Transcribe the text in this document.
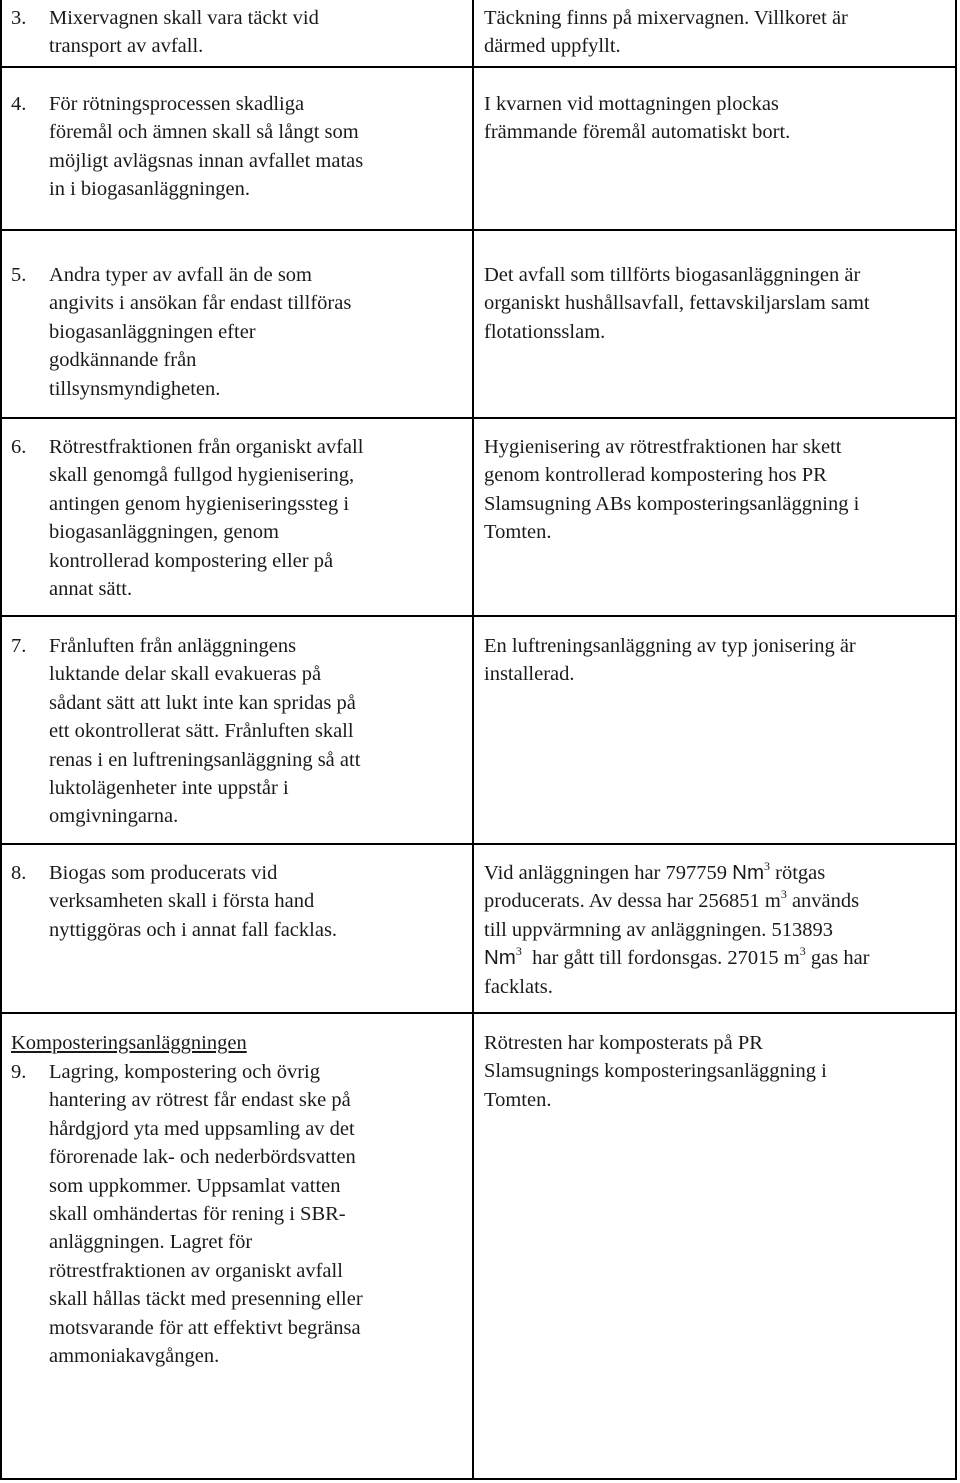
3. Mixervagnen skall vara täckt vid
transport av avfall.
Täckning finns på mixervagnen. Villkoret är
därmed uppfyllt.
4. För rötningsprocessen skadliga
föremål och ämnen skall så långt som
möjligt avlägsnas innan avfallet matas
in i biogasanläggningen.
I kvarnen vid mottagningen plockas
främmande föremål automatiskt bort.
5. Andra typer av avfall än de som
angivits i ansökan får endast tillföras
biogasanläggningen efter
godkännande från
tillsynsmyndigheten.
Det avfall som tillförts biogasanläggningen är
organiskt hushållsavfall, fettavskiljarslam samt
flotationsslam.
6. Rötrestfraktionen från organiskt avfall
skall genomgå fullgod hygienisering,
antingen genom hygieniseringssteg i
biogasanläggningen, genom
kontrollerad kompostering eller på
annat sätt.
Hygienisering av rötrestfraktionen har skett
genom kontrollerad kompostering hos PR
Slamsugning ABs komposteringsanläggning i
Tomten.
7. Frånluften från anläggningens
luktande delar skall evakueras på
sådant sätt att lukt inte kan spridas på
ett okontrollerat sätt. Frånluften skall
renas i en luftreningsanläggning så att
luktolägenheter inte uppstår i
omgivningarna.
En luftreningsanläggning av typ jonisering är
installerad.
8. Biogas som producerats vid
verksamheten skall i första hand
nyttiggöras och i annat fall facklas.
Vid anläggningen har 797759 Nm$^3$ rötgas
producerats. Av dessa har 256851 $m^3$ används
till uppvärmning av anläggningen. 513893
Nm$^3$  har gått till fordonsgas. 27015 $m^3$ gas har
facklats.
Komposteringsanläggningen
9. Lagring, kompostering och övrig
hantering av rötrest får endast ske på
hårdgjord yta med uppsamling av det
förorenade lak- och nederbördsvatten
som uppkommer. Uppsamlat vatten
skall omhändertas för rening i SBR-
anläggningen. Lagret för
rötrestfraktionen av organiskt avfall
skall hållas täckt med presenning eller
motsvarande för att effektivt begränsa
ammoniakavgången.
Rötresten har komposterats på PR
Slamsugnings komposteringsanläggning i
Tomten.
